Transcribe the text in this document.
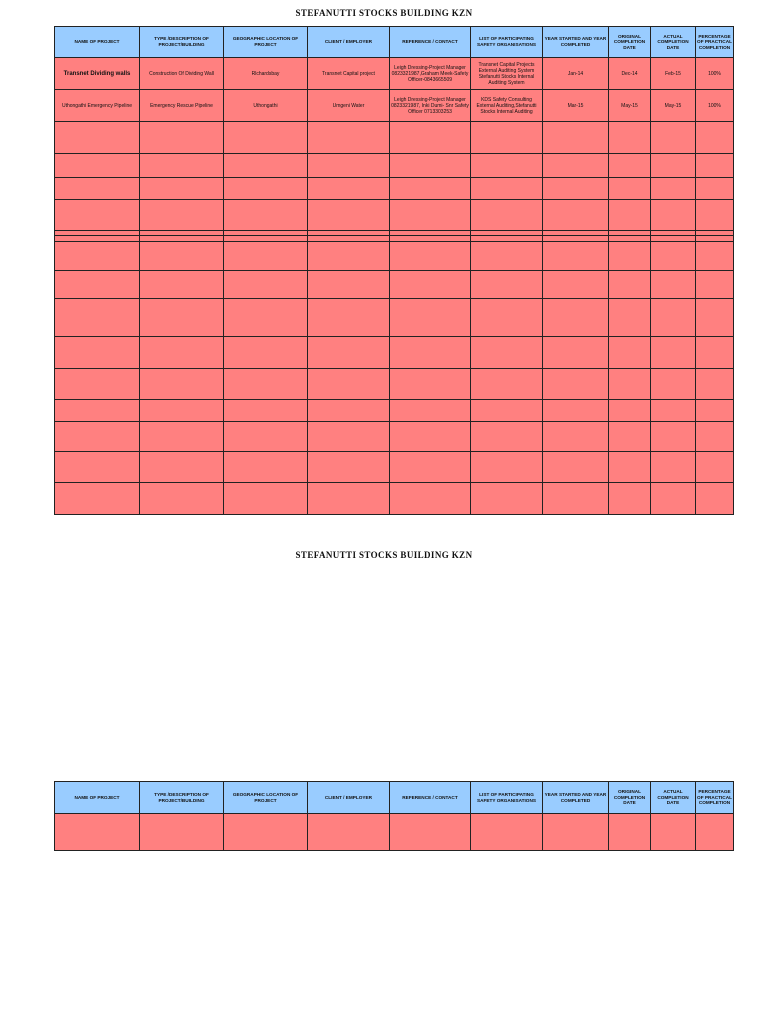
STEFANUTTI STOCKS BUILDING KZN
NAME OF PROJECT	TYPE /DESCRIPTION OF PROJECT/BUILDING	GEOGRAPHIC LOCATION OF PROJECT	CLIENT / EMPLOYER	REFERENCE / CONTACT	LIST OF PARTICIPATING SAFETY ORGANISATIONS	YEAR STARTED AND YEAR COMPLETED	ORIGINAL COMPLETION DATE	ACTUAL COMPLETION DATE	PERCENTAGE OF PRACTICAL COMPLETION
Transnet Dividing walls	Construction Of Dividing Wall	Rlchardsbay	Transnet Capital project	Leigh Dressing-Project Manager 0823321987,Graham Meek-Safety Officer-0843665509	Transnet Capital Projects External Auditing System Stefanutti Stocks Internal Auditing System	Jan-14	Dec-14	Feb-15	100%
Uthongathi Emergency Pipeline	Emergency Rescue Pipeline	Uthongathi	Umgeni Water	Leigh Dressing-Project Manager 0823321987, Inki Dumi- Snr Safety Officer 0713303253	KDS Safety Consulting External Auditing,Stefanutti Stocks Internal Auditing	Mar-15	May-15	May-15	100%

STEFANUTTI STOCKS BUILDING KZN
NAME OF PROJECT	TYPE /DESCRIPTION OF PROJECT/BUILDING	GEOGRAPHIC LOCATION OF PROJECT	CLIENT / EMPLOYER	REFERENCE / CONTACT	LIST OF PARTICIPATING SAFETY ORGANISATIONS	YEAR STARTED AND YEAR COMPLETED	ORIGINAL COMPLETION DATE	ACTUAL COMPLETION DATE	PERCENTAGE OF PRACTICAL COMPLETION
